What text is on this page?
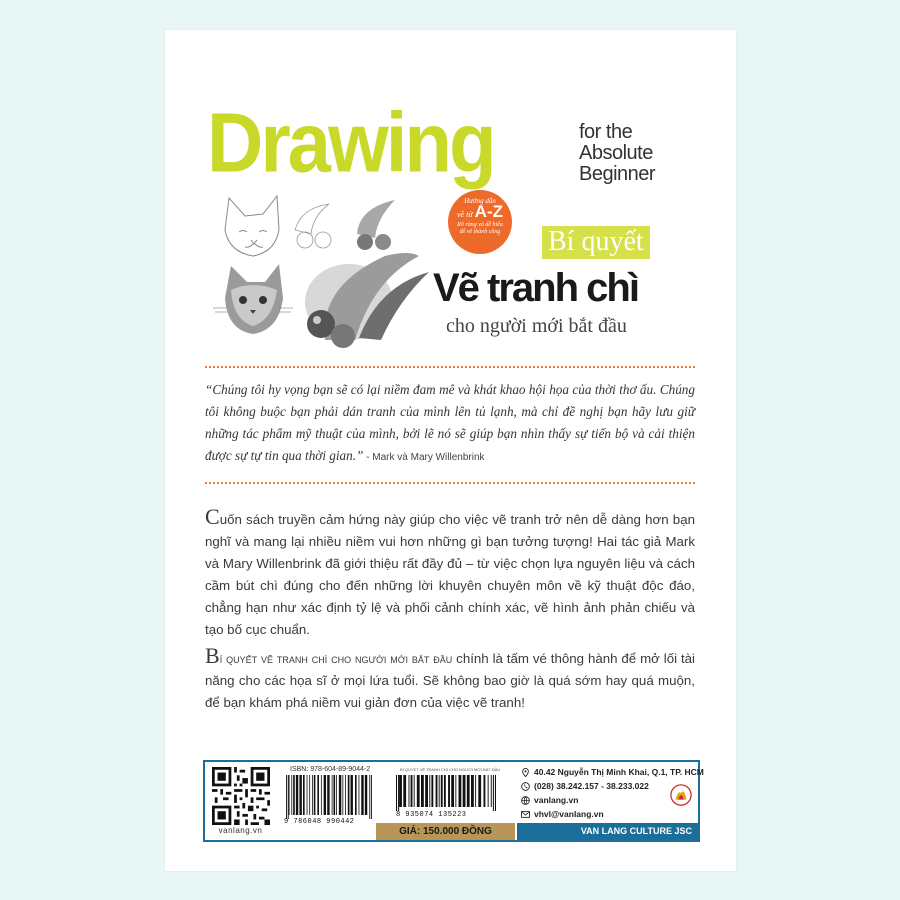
Drawing	for the
Absolute
Beginner
Hướng dẫn
vẽ từ A-Z
Rõ ràng và dễ hiểu để vẽ thành công	Bí quyết
Vẽ tranh chì
cho người mới bắt đầu
“Chúng tôi hy vọng bạn sẽ có lại niềm đam mê và khát khao hội họa của thời thơ ấu. Chúng tôi không buộc bạn phải dán tranh của mình lên tủ lạnh, mà chỉ đề nghị bạn hãy lưu giữ những tác phẩm mỹ thuật của mình, bởi lẽ nó sẽ giúp bạn nhìn thấy sự tiến bộ và cải thiện được sự tự tin qua thời gian.” - Mark và Mary Willenbrink
Cuốn sách truyền cảm hứng này giúp cho việc vẽ tranh trở nên dễ dàng hơn bạn nghĩ và mang lại nhiều niềm vui hơn những gì bạn tưởng tượng! Hai tác giả Mark và Mary Willenbrink đã giới thiệu rất đầy đủ – từ việc chọn lựa nguyên liệu và cách cầm bút chì đúng cho đến những lời khuyên chuyên môn về kỹ thuật độc đáo, chẳng hạn như xác định tỷ lệ và phối cảnh chính xác, vẽ hình ảnh phản chiếu và tạo bố cục chuẩn.
Bí quyết vẽ tranh chì cho người mới bắt đầu chính là tấm vé thông hành để mở lối tài năng cho các họa sĩ ở mọi lứa tuổi. Sẽ không bao giờ là quá sớm hay quá muộn, để bạn khám phá niềm vui giản đơn của việc vẽ tranh!
vanlang.vn
ISBN: 978-604-89-9044-2	BÍ QUYẾT VẼ TRANH CHÌ CHO NGƯỜI MỚI BẮT ĐẦU
9 786048 990442
8 935074 135223
GIÁ: 150.000 ĐỒNG
40.42 Nguyễn Thị Minh Khai, Q.1, TP. HCM
(028) 38.242.157 - 38.233.022
vanlang.vn
vhvl@vanlang.vn
VAN LANG CULTURE JSC
